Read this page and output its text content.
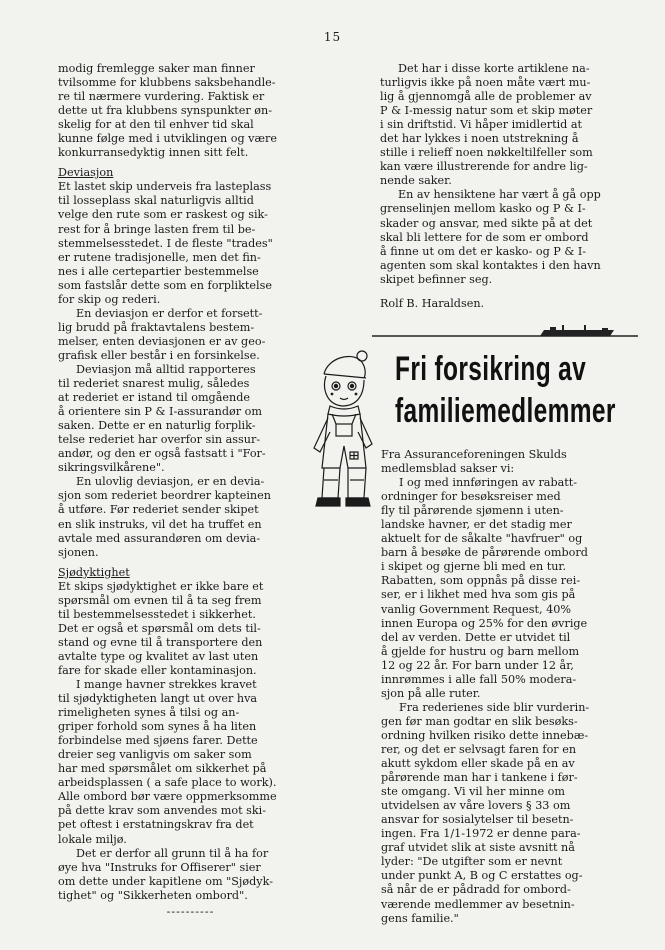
15

modig fremlegge saker man finner
tvilsomme for klubbens saksbehandle-
re til nærmere vurdering. Faktisk er
dette ut fra klubbens synspunkter øn-
skelig for at den til enhver tid skal
kunne følge med i utviklingen og være
konkurransedyktig innen sitt felt.

Deviasjon

Et lastet skip underveis fra lasteplass
til losseplass skal naturligvis alltid
velge den rute som er raskest og sik-
rest for å bringe lasten frem til be-
stemmelsesstedet. I de fleste "trades"
er rutene tradisjonelle, men det fin-
nes i alle certepartier bestemmelse
som fastslår dette som en forpliktelse
for skip og rederi.

En deviasjon er derfor et forsett-
lig brudd på fraktavtalens bestem-
melser, enten deviasjonen er av geo-
grafisk eller består i en forsinkelse.

Deviasjon må alltid rapporteres
til rederiet snarest mulig, således
at rederiet er istand til omgående
å orientere sin P & I-assurandør om
saken. Dette er en naturlig forplik-
telse rederiet har overfor sin assur-
andør, og den er også fastsatt i "For-
sikringsvilkårene".

En ulovlig deviasjon, er en devia-
sjon som rederiet beordrer kapteinen
å utføre. Før rederiet sender skipet
en slik instruks, vil det ha truffet en
avtale med assurandøren om devia-
sjonen.

Sjødyktighet

Et skips sjødyktighet er ikke bare et
spørsmål om evnen til å ta seg frem
til bestemmelsesstedet i sikkerhet.
Det er også et spørsmål om dets til-
stand og evne til å transportere den
avtalte type og kvalitet av last uten
fare for skade eller kontaminasjon.

I mange havner strekkes kravet
til sjødyktigheten langt ut over hva
rimeligheten synes å tilsi og an-
griper forhold som synes å ha liten
forbindelse med sjøens farer. Dette
dreier seg vanligvis om saker som
har med spørsmålet om sikkerhet på
arbeidsplassen ( a safe place to work).
Alle ombord bør være oppmerksomme
på dette krav som anvendes mot ski-
pet oftest i erstatningskrav fra det
lokale miljø.

Det er derfor all grunn til å ha for
øye hva "Instruks for Offiserer" sier
om dette under kapitlene om "Sjødyk-
tighet" og "Sikkerheten ombord".

----------

Det har i disse korte artiklene na-
turligvis ikke på noen måte vært mu-
lig å gjennomgå alle de problemer av
P & I-messig natur som et skip møter
i sin driftstid. Vi håper imidlertid at
det har lykkes i noen utstrekning å
stille i relieff noen nøkkeltilfeller som
kan være illustrerende for andre lig-
nende saker.

En av hensiktene har vært å gå opp
grenselinjen mellom kasko og P & I-
skader og ansvar, med sikte på at det
skal bli lettere for de som er ombord
å finne ut om det er kasko- og P & I-
agenten som skal kontaktes i den havn
skipet befinner seg.

Rolf B. Haraldsen.

Fri forsikring av
familiemedlemmer

Fra Assuranceforeningen Skulds
medlemsblad sakser vi:

I og med innføringen av rabatt-
ordninger for besøksreiser med
fly til pårørende sjømenn i uten-
landske havner, er det stadig mer
aktuelt for de såkalte "havfruer" og
barn å besøke de pårørende ombord
i skipet og gjerne bli med en tur.
Rabatten, som oppnås på disse rei-
ser, er i likhet med hva som gis på
vanlig Government Request, 40%
innen Europa og 25% for den øvrige
del av verden. Dette er utvidet til
å gjelde for hustru og barn mellom
12 og 22 år. For barn under 12 år,
innrømmes i alle fall 50% modera-
sjon på alle ruter.

Fra rederienes side blir vurderin-
gen før man godtar en slik besøks-
ordning hvilken risiko dette innebæ-
rer, og det er selvsagt faren for en
akutt sykdom eller skade på en av
pårørende man har i tankene i før-
ste omgang. Vi vil her minne om
utvidelsen av våre lovers § 33 om
ansvar for sosialytelser til besetn-
ingen. Fra 1/1-1972 er denne para-
graf utvidet slik at siste avsnitt nå
lyder: "De utgifter som er nevnt
under punkt A, B og C erstattes og-
så når de er pådradd for ombord-
værende medlemmer av besetnin-
gens familie."
